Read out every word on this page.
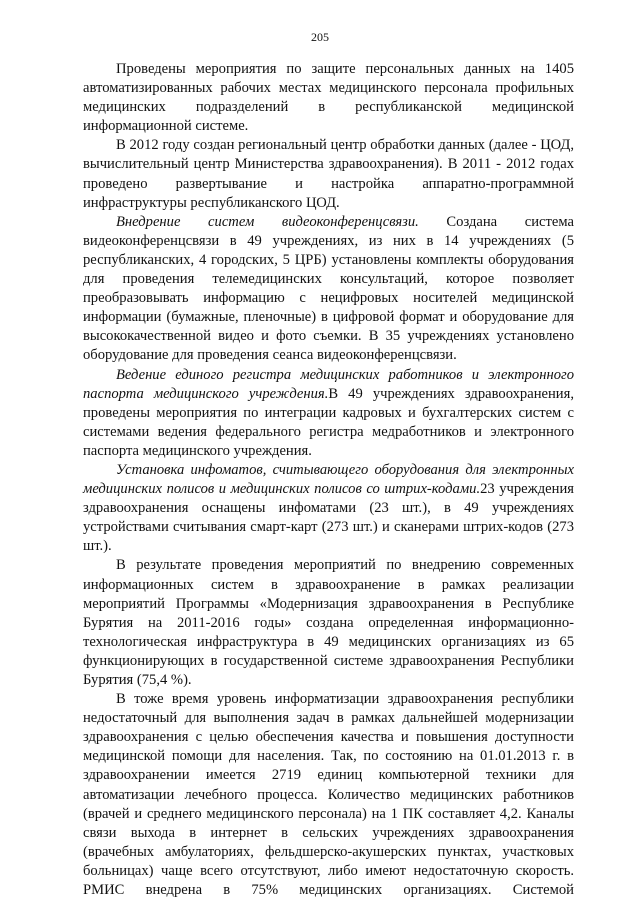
205

Проведены мероприятия по защите персональных данных на 1405 автоматизированных рабочих местах медицинского персонала профильных медицинских подразделений в республиканской медицинской информационной системе.

В 2012 году создан региональный центр обработки данных (далее - ЦОД, вычислительный центр Министерства здравоохранения). В 2011 - 2012 годах проведено развертывание и настройка аппаратно-программной инфраструктуры республиканского ЦОД.

Внедрение систем видеоконференцсвязи. Создана система видеоконференцсвязи в 49 учреждениях, из них в 14 учреждениях (5 республиканских, 4 городских, 5 ЦРБ) установлены комплекты оборудования для проведения телемедицинских консультаций, которое позволяет преобразовывать информацию с нецифровых носителей медицинской информации (бумажные, пленочные) в цифровой формат и оборудование для высококачественной видео и фото съемки. В 35 учреждениях установлено оборудование для проведения сеанса видеоконференцсвязи.

Ведение единого регистра медицинских работников и электронного паспорта медицинского учреждения.В 49 учреждениях здравоохранения, проведены мероприятия по интеграции кадровых и бухгалтерских систем с системами ведения федерального регистра медработников и электронного паспорта медицинского учреждения.

Установка инфоматов, считывающего оборудования для электронных медицинских полисов и медицинских полисов со штрих-кодами.23 учреждения здравоохранения оснащены инфоматами (23 шт.), в 49 учреждениях устройствами считывания смарт-карт (273 шт.) и сканерами штрих-кодов (273 шт.).

В результате проведения мероприятий по внедрению современных информационных систем в здравоохранение в рамках реализации мероприятий Программы «Модернизация здравоохранения в Республике Бурятия на 2011-2016 годы» создана определенная информационно-технологическая инфраструктура в 49 медицинских организациях из 65 функционирующих в государственной системе здравоохранения Республики Бурятия (75,4 %).

В тоже время уровень информатизации здравоохранения республики недостаточный для выполнения задач в рамках дальнейшей модернизации здравоохранения с целью обеспечения качества и повышения доступности медицинской помощи для населения. Так, по состоянию на 01.01.2013 г. в здравоохранении имеется 2719 единиц компьютерной техники для автоматизации лечебного процесса. Количество медицинских работников (врачей и среднего медицинского персонала) на 1 ПК составляет 4,2. Каналы связи выхода в интернет в сельских учреждениях здравоохранения (врачебных амбулаториях, фельдшерско-акушерских пунктах, участковых больницах) чаще всего отсутствуют, либо имеют недостаточную скорость. РМИС внедрена в 75% медицинских организациях. Системой
